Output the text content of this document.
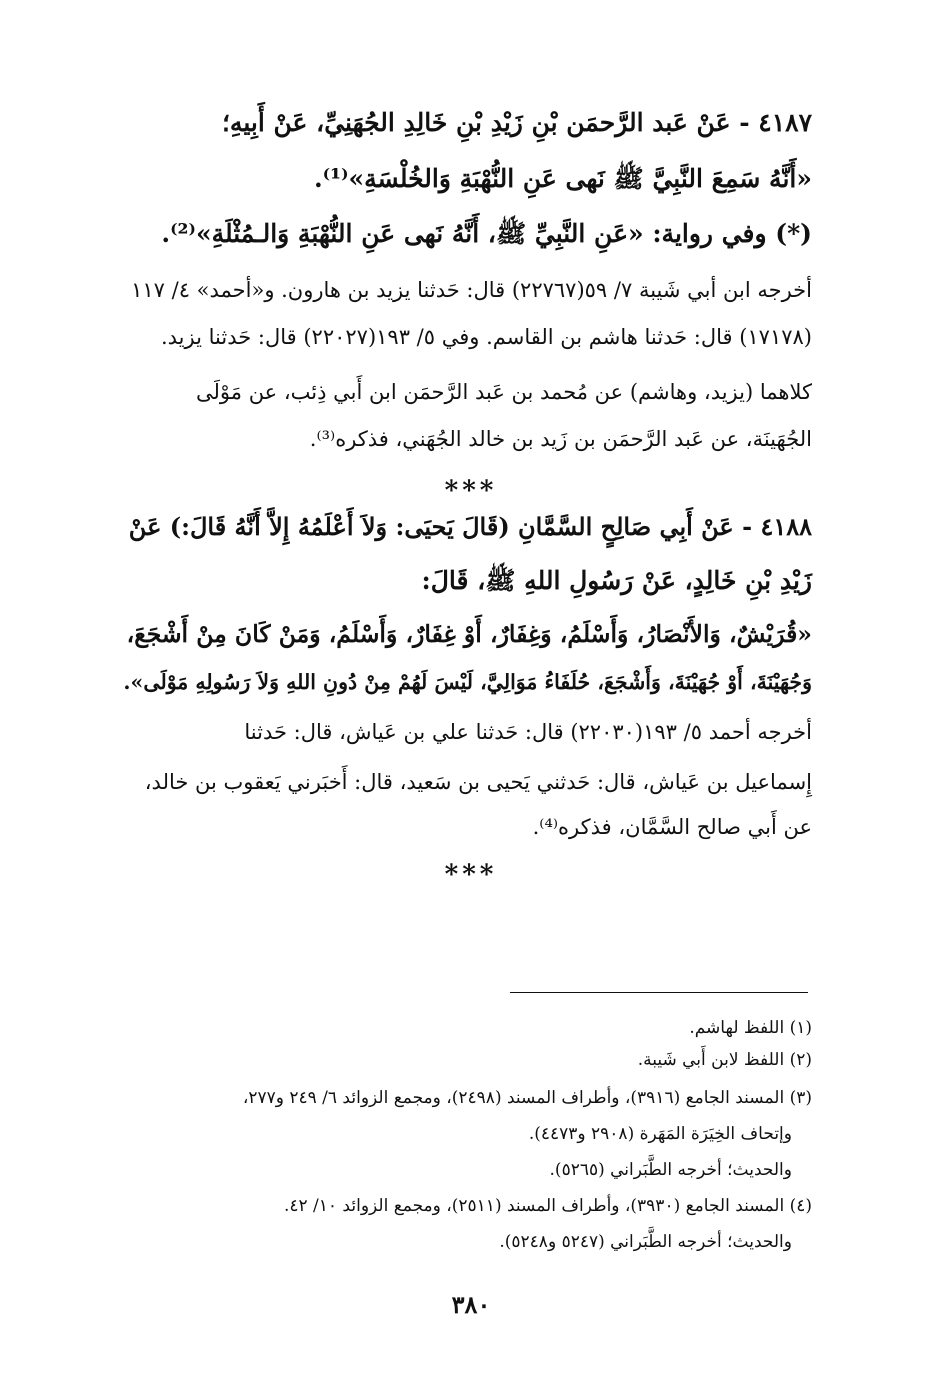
٤١٨٧ - عَنْ عَبد الرَّحمَن بْنِ زَيْدِ بْنِ خَالِدِ الجُهَنِيِّ، عَنْ أَبِيهِ؛
«أَنَّهُ سَمِعَ النَّبِيَّ ﷺ نَهى عَنِ النُّهْبَةِ وَالخُلْسَةِ»⁽¹⁾.
(*) وفي رواية: «عَنِ النَّبِيِّ ﷺ، أَنَّهُ نَهى عَنِ النُّهْبَةِ وَالـمُثْلَةِ»⁽²⁾.
أخرجه ابن أبي شَيبة ٧/ ٥٩(٢٢٧٦٧) قال: حَدثنا يزيد بن هارون. و«أحمد» ٤/ ١١٧
(١٧١٧٨) قال: حَدثنا هاشم بن القاسم. وفي ٥/ ١٩٣(٢٢٠٢٧) قال: حَدثنا يزيد.
كلاهما (يزيد، وهاشم) عن مُحمد بن عَبد الرَّحمَن ابن أَبي ذِئب، عن مَوْلَى
الجُهَينَة، عن عَبد الرَّحمَن بن زَيد بن خالد الجُهَني، فذكره⁽³⁾.
***
٤١٨٨ - عَنْ أَبِي صَالِحٍ السَّمَّانِ (قَالَ يَحيَى: وَلاَ أَعْلَمُهُ إِلاَّ أَنَّهُ قَالَ:) عَنْ
زَيْدِ بْنِ خَالِدٍ، عَنْ رَسُولِ اللهِ ﷺ، قَالَ:
«قُرَيْشٌ، وَالأَنْصَارُ، وَأَسْلَمُ، وَغِفَارٌ، أَوْ غِفَارٌ، وَأَسْلَمُ، وَمَنْ كَانَ مِنْ أَشْجَعَ،
وَجُهَيْنَةَ، أَوْ جُهَيْنَةَ، وَأَشْجَعَ، حُلَفَاءُ مَوَالِيَّ، لَيْسَ لَهُمْ مِنْ دُونِ اللهِ وَلاَ رَسُولِهِ مَوْلَى».
أخرجه أحمد ٥/ ١٩٣(٢٢٠٣٠) قال: حَدثنا علي بن عَياش، قال: حَدثنا
إِسماعيل بن عَياش، قال: حَدثني يَحيى بن سَعيد، قال: أَخبَرني يَعقوب بن خالد،
عن أَبي صالح السَّمَّان، فذكره⁽⁴⁾.
***
(١) اللفظ لهاشم.
(٢) اللفظ لابن أَبي شَيبة.
(٣) المسند الجامع (٣٩١٦)، وأطراف المسند (٢٤٩٨)، ومجمع الزوائد ٦/ ٢٤٩ و٢٧٧،
وإتحاف الخِيَرَة المَهَرة (٢٩٠٨ و٤٤٧٣).
والحديث؛ أخرجه الطَّبَراني (٥٢٦٥).
(٤) المسند الجامع (٣٩٣٠)، وأطراف المسند (٢٥١١)، ومجمع الزوائد ١٠/ ٤٢.
والحديث؛ أخرجه الطَّبَراني (٥٢٤٧ و٥٢٤٨).
٣٨٠
